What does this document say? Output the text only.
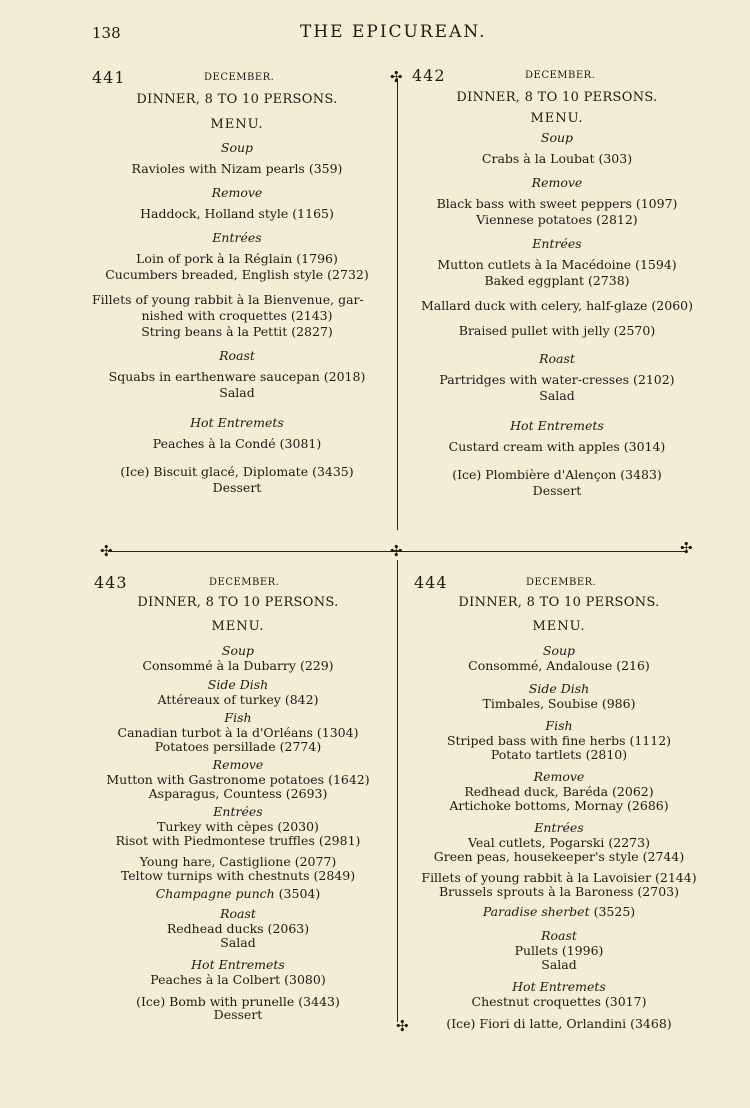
138	THE EPICUREAN.
✣
✣	✣	✣
✣
441	DECEMBER.
DINNER, 8 TO 10 PERSONS.
MENU.
Soup
Ravioles with Nizam pearls (359)
Remove
Haddock, Holland style (1165)
Entrées
Loin of pork à la Réglain (1796)
Cucumbers breaded, English style (2732)
Fillets of young rabbit à la Bienvenue, gar-
nished with croquettes (2143)
String beans à la Pettit (2827)
Roast
Squabs in earthenware saucepan (2018)
Salad
Hot Entremets
Peaches à la Condé (3081)
(Ice) Biscuit glacé, Diplomate (3435)
Dessert
442	DECEMBER.
DINNER, 8 TO 10 PERSONS.
MENU.
Soup
Crabs à la Loubat (303)
Remove
Black bass with sweet peppers (1097)
Viennese potatoes (2812)
Entrées
Mutton cutlets à la Macédoine (1594)
Baked eggplant (2738)
Mallard duck with celery, half-glaze (2060)
Braised pullet with jelly (2570)
Roast
Partridges with water-cresses (2102)
Salad
Hot Entremets
Custard cream with apples (3014)
(Ice) Plombière d'Alençon (3483)
Dessert
443	DECEMBER.
DINNER, 8 TO 10 PERSONS.
MENU.
Soup
Consommé à la Dubarry (229)
Side Dish
Attéreaux of turkey (842)
Fish
Canadian turbot à la d'Orléans (1304)
Potatoes persillade (2774)
Remove
Mutton with Gastronome potatoes (1642)
Asparagus, Countess (2693)
Entrées
Turkey with cèpes (2030)
Risot with Piedmontese truffles (2981)
Young hare, Castiglione (2077)
Teltow turnips with chestnuts (2849)
Champagne punch (3504)
Roast
Redhead ducks (2063)
Salad
Hot Entremets
Peaches à la Colbert (3080)
(Ice) Bomb with prunelle (3443)
Dessert
444	DECEMBER.
DINNER, 8 TO 10 PERSONS.
MENU.
Soup
Consommé, Andalouse (216)
Side Dish
Timbales, Soubise (986)
Fish
Striped bass with fine herbs (1112)
Potato tartlets (2810)
Remove
Redhead duck, Baréda (2062)
Artichoke bottoms, Mornay (2686)
Entrées
Veal cutlets, Pogarski (2273)
Green peas, housekeeper's style (2744)
Fillets of young rabbit à la Lavoisier (2144)
Brussels sprouts à la Baroness (2703)
Paradise sherbet (3525)
Roast
Pullets (1996)
Salad
Hot Entremets
Chestnut croquettes (3017)
(Ice) Fiori di latte, Orlandini (3468)
